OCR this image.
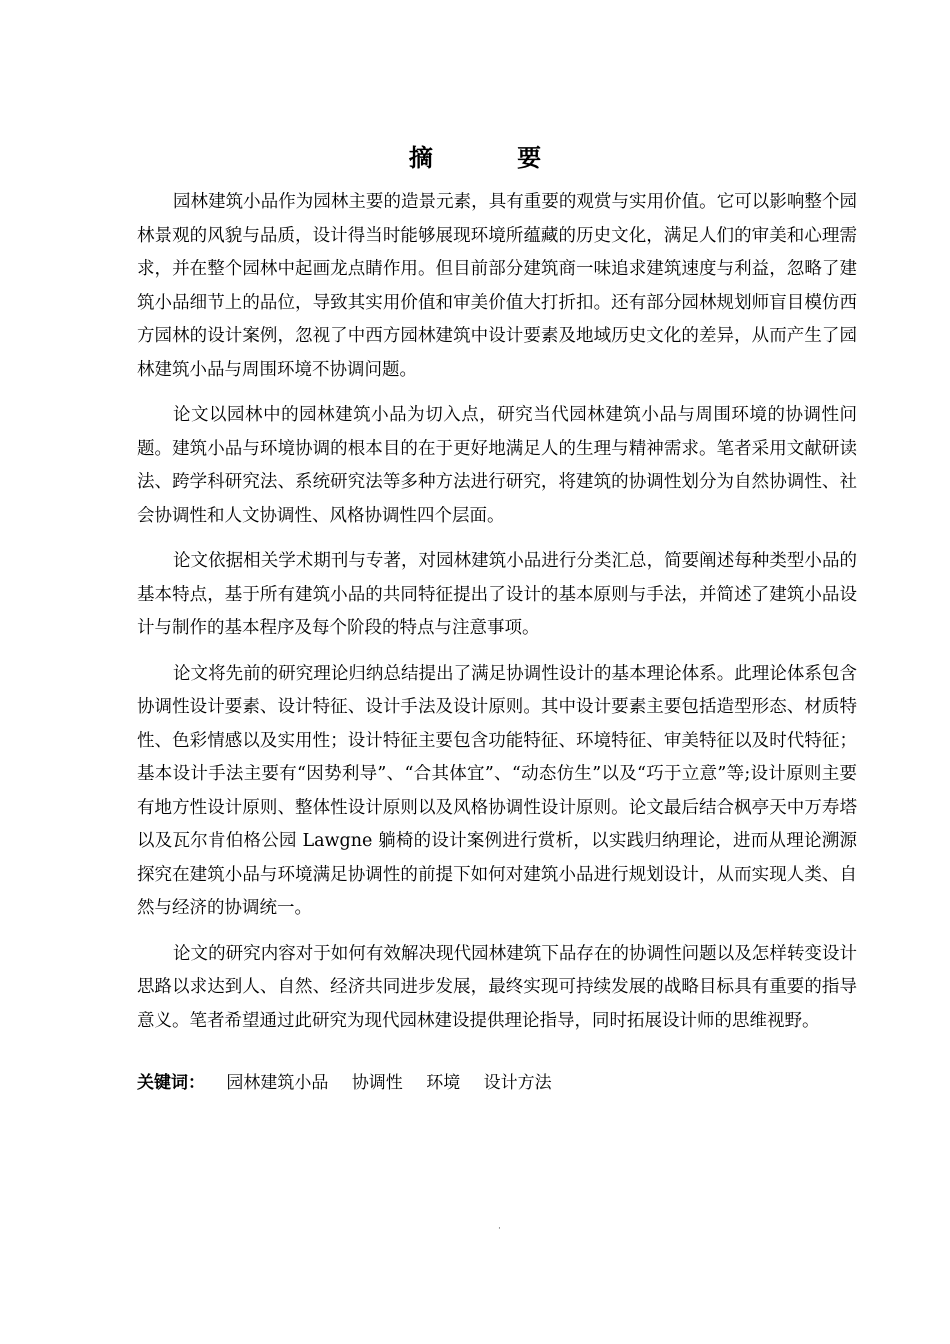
摘 要

园林建筑小品作为园林主要的造景元素，具有重要的观赏与实用价值。它可以影响整个园林景观的风貌与品质，设计得当时能够展现环境所蕴藏的历史文化，满足人们的审美和心理需求，并在整个园林中起画龙点睛作用。但目前部分建筑商一味追求建筑速度与利益，忽略了建筑小品细节上的品位，导致其实用价值和审美价值大打折扣。还有部分园林规划师盲目模仿西方园林的设计案例，忽视了中西方园林建筑中设计要素及地域历史文化的差异，从而产生了园林建筑小品与周围环境不协调问题。

论文以园林中的园林建筑小品为切入点，研究当代园林建筑小品与周围环境的协调性问题。建筑小品与环境协调的根本目的在于更好地满足人的生理与精神需求。笔者采用文献研读法、跨学科研究法、系统研究法等多种方法进行研究，将建筑的协调性划分为自然协调性、社会协调性和人文协调性、风格协调性四个层面。

论文依据相关学术期刊与专著，对园林建筑小品进行分类汇总，简要阐述每种类型小品的基本特点，基于所有建筑小品的共同特征提出了设计的基本原则与手法，并简述了建筑小品设计与制作的基本程序及每个阶段的特点与注意事项。

论文将先前的研究理论归纳总结提出了满足协调性设计的基本理论体系。此理论体系包含协调性设计要素、设计特征、设计手法及设计原则。其中设计要素主要包括造型形态、材质特性、色彩情感以及实用性；设计特征主要包含功能特征、环境特征、审美特征以及时代特征；基本设计手法主要有“因势利导”、“合其体宜”、“动态仿生”以及“巧于立意”等;设计原则主要有地方性设计原则、整体性设计原则以及风格协调性设计原则。论文最后结合枫亭天中万寿塔以及瓦尔肯伯格公园 Lawgne 躺椅的设计案例进行赏析，以实践归纳理论，进而从理论溯源探究在建筑小品与环境满足协调性的前提下如何对建筑小品进行规划设计，从而实现人类、自然与经济的协调统一。

论文的研究内容对于如何有效解决现代园林建筑下品存在的协调性问题以及怎样转变设计思路以求达到人、自然、经济共同进步发展，最终实现可持续发展的战略目标具有重要的指导意义。笔者希望通过此研究为现代园林建设提供理论指导，同时拓展设计师的思维视野。

关键词： 园林建筑小品 协调性 环境 设计方法
·
